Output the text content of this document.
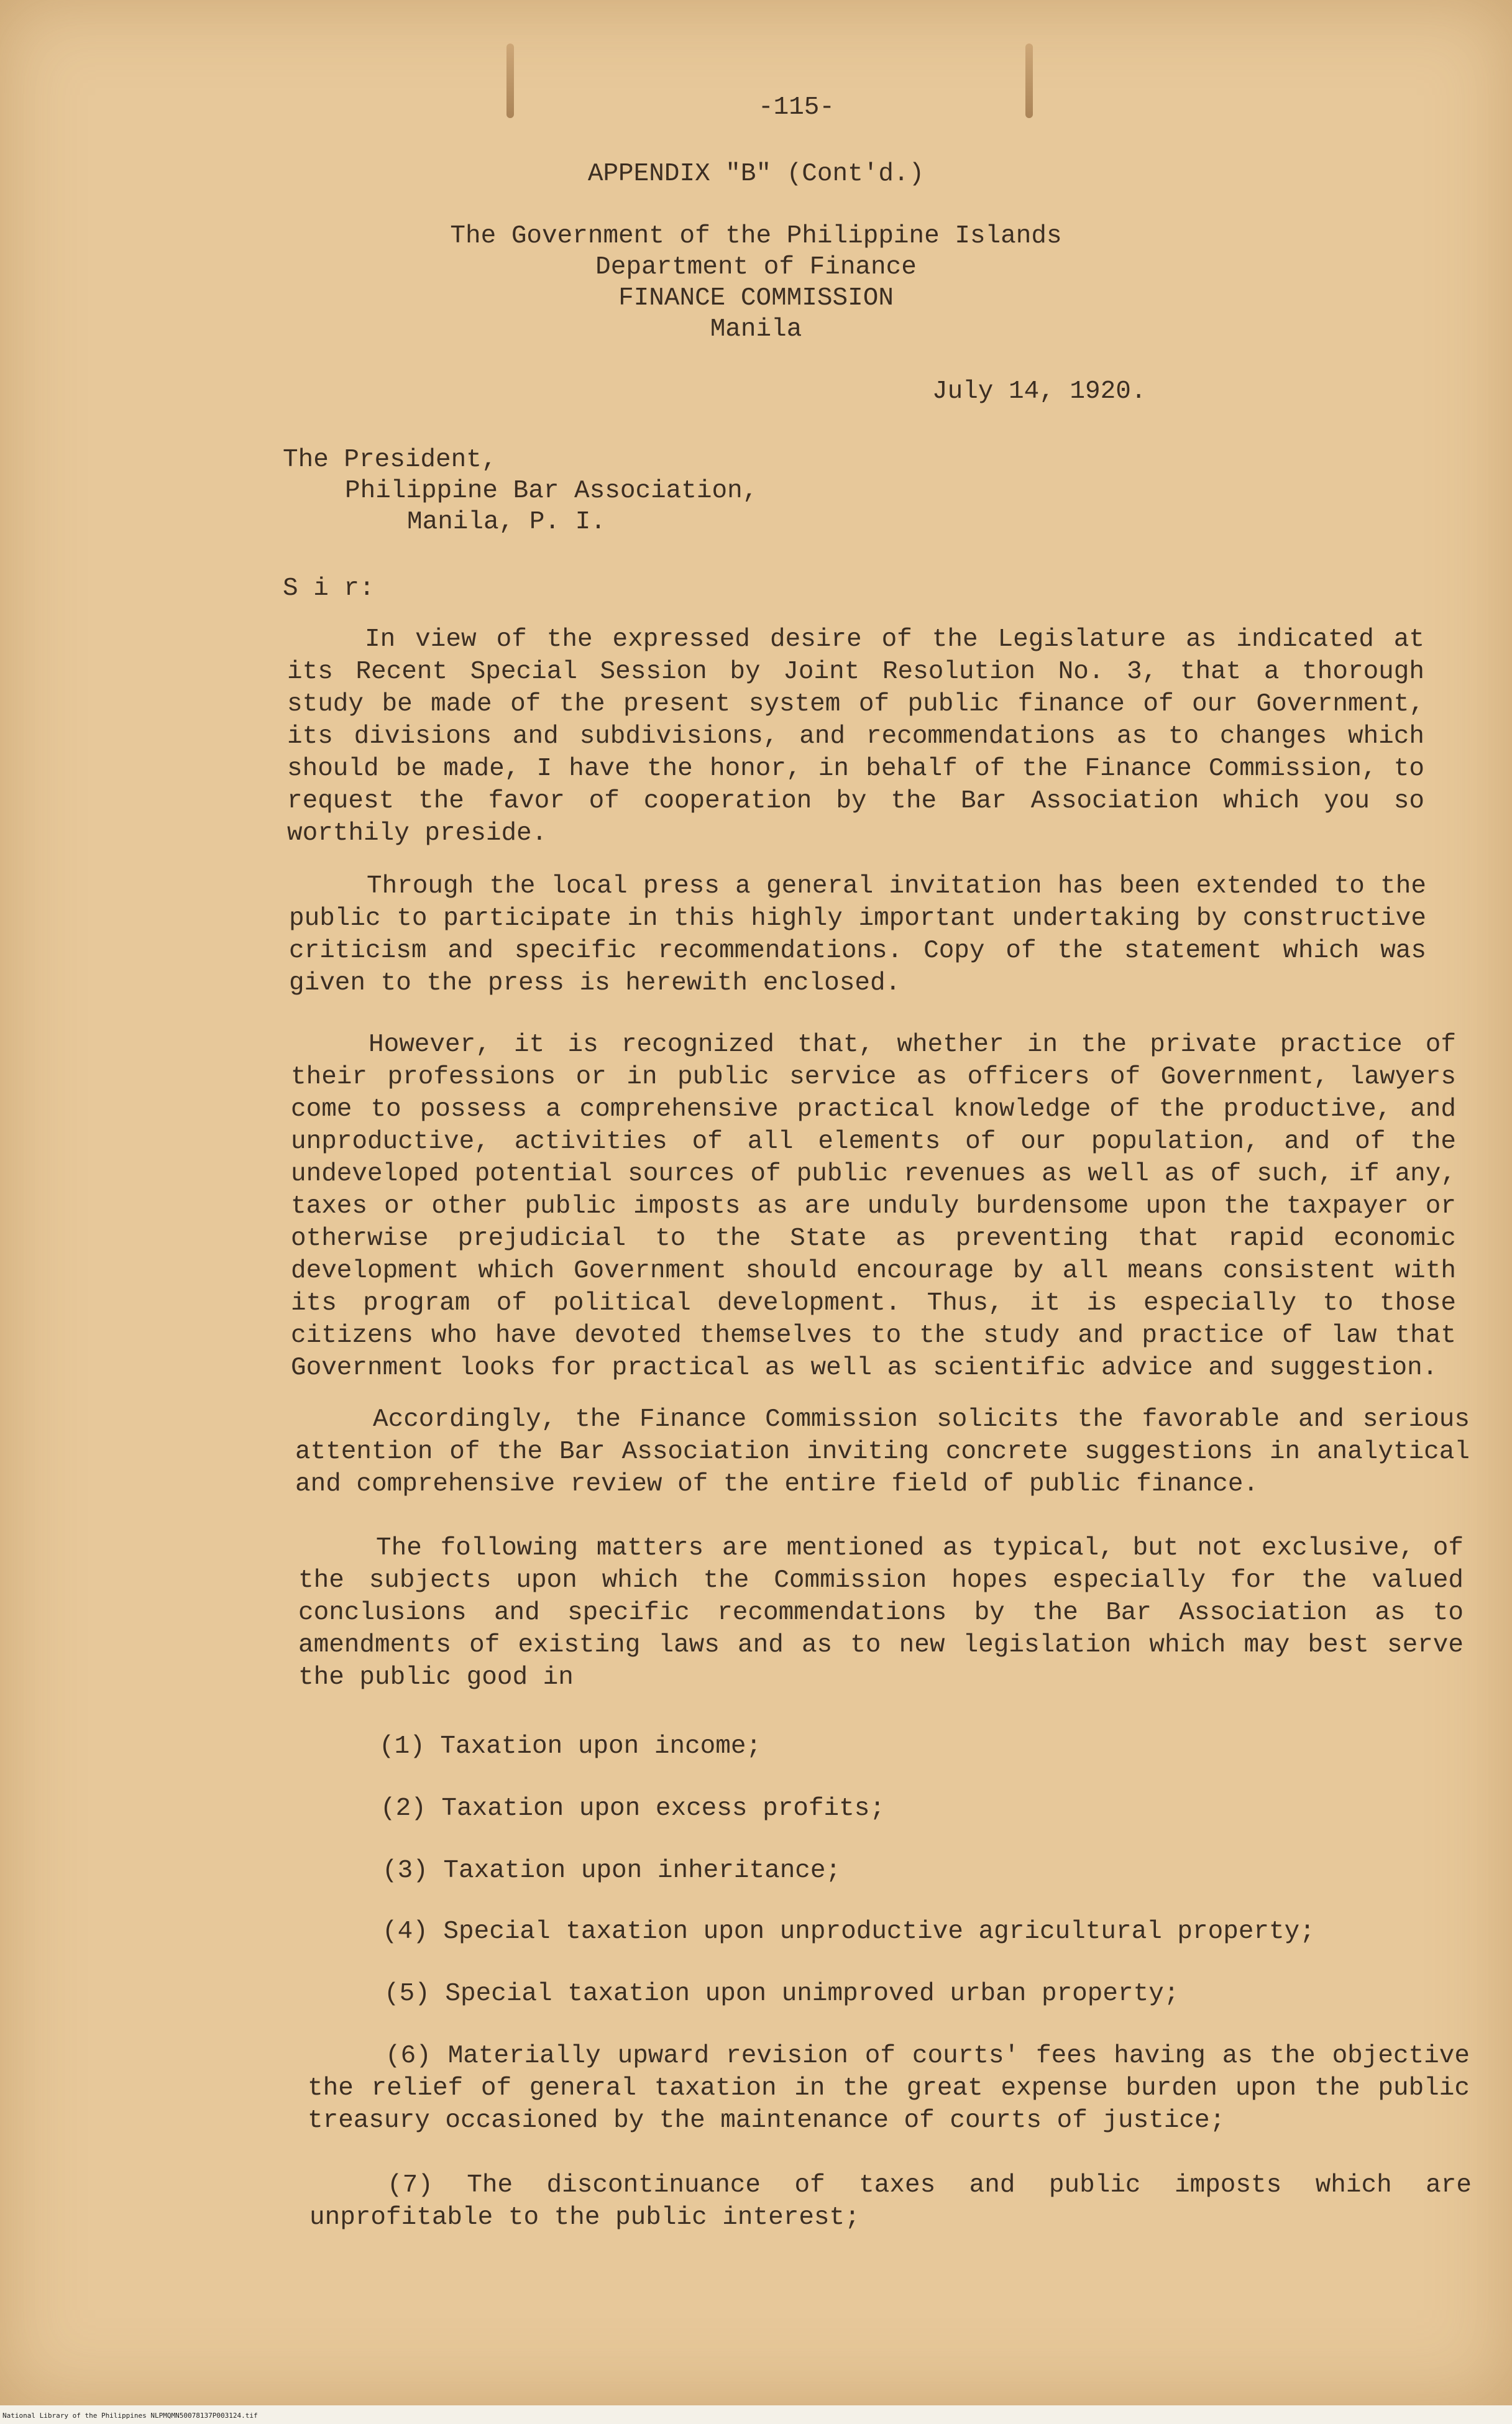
-115-
APPENDIX "B" (Cont'd.)
The Government of the Philippine Islands
Department of Finance
FINANCE COMMISSION
Manila
July 14, 1920.
The President,
Philippine Bar Association,
Manila, P. I.
S i r:

In view of the expressed desire of the Legislature as indicated at its Recent Special Session by Joint Resolution No. 3, that a thorough study be made of the present system of public finance of our Government, its divisions and subdivisions, and recommendations as to changes which should be made, I have the honor, in behalf of the Finance Commission, to request the favor of cooperation by the Bar Association which you so worthily preside.

Through the local press a general invitation has been extended to the public to participate in this highly important undertaking by constructive criticism and specific recommendations. Copy of the statement which was given to the press is herewith enclosed.

However, it is recognized that, whether in the private practice of their professions or in public service as officers of Government, lawyers come to possess a comprehensive practical knowledge of the productive, and unproductive, activities of all elements of our population, and of the undeveloped potential sources of public revenues as well as of such, if any, taxes or other public imposts as are unduly burdensome upon the taxpayer or otherwise prejudicial to the State as preventing that rapid economic development which Government should encourage by all means consistent with its program of political development. Thus, it is especially to those citizens who have devoted themselves to the study and practice of law that Government looks for practical as well as scientific advice and suggestion.

Accordingly, the Finance Commission solicits the favorable and serious attention of the Bar Association inviting concrete suggestions in analytical and comprehensive review of the entire field of public finance.

The following matters are mentioned as typical, but not exclusive, of the subjects upon which the Commission hopes especially for the valued conclusions and specific recommendations by the Bar Association as to amendments of existing laws and as to new legislation which may best serve the public good in

(1) Taxation upon income;
(2) Taxation upon excess profits;
(3) Taxation upon inheritance;
(4) Special taxation upon unproductive agricultural property;
(5) Special taxation upon unimproved urban property;

(6) Materially upward revision of courts' fees having as the objective the relief of general taxation in the great expense burden upon the public treasury occasioned by the maintenance of courts of justice;

(7) The discontinuance of taxes and public imposts which are unprofitable to the public interest;

National Library of the Philippines NLPMQMN50078137P003124.tif
